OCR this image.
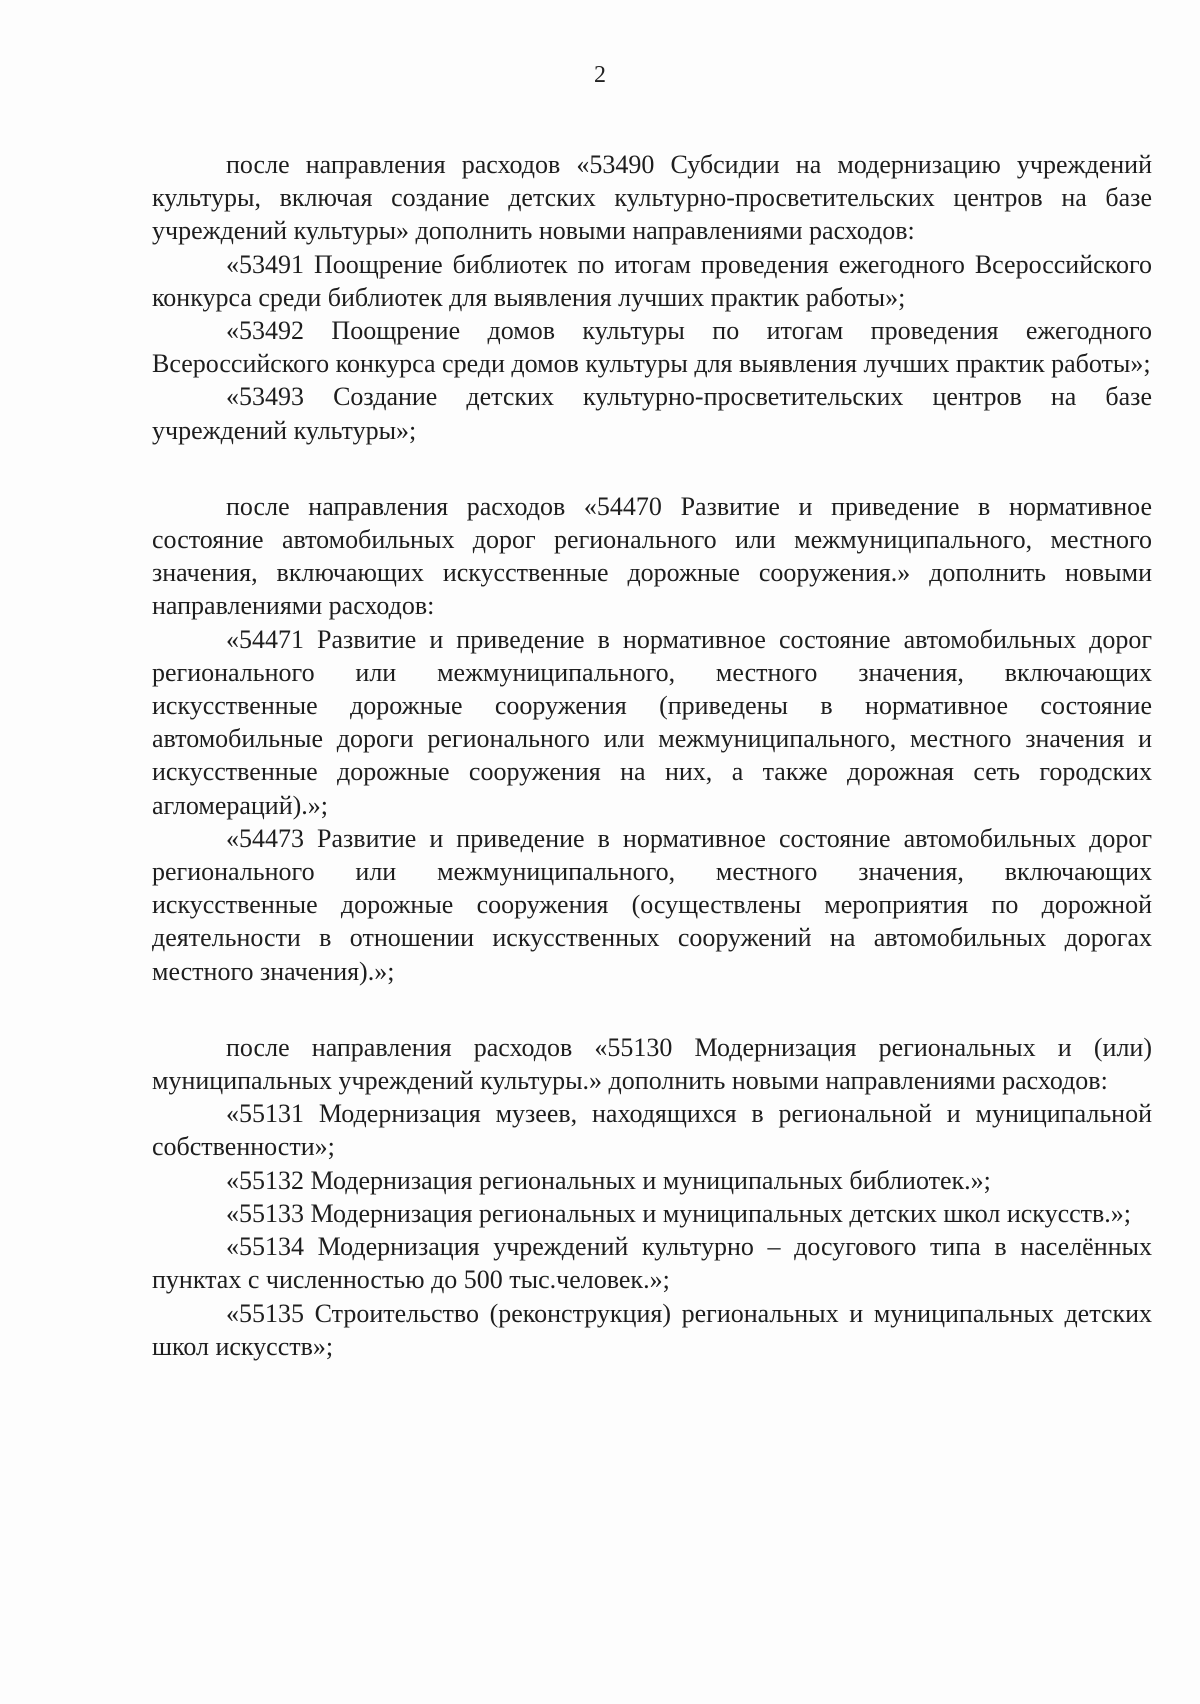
2

после направления расходов «53490 Субсидии на модернизацию учреждений культуры, включая создание детских культурно-просветительских центров на базе учреждений культуры» дополнить новыми направлениями расходов:

«53491 Поощрение библиотек по итогам проведения ежегодного Всероссийского конкурса среди библиотек для выявления лучших практик работы»;

«53492 Поощрение домов культуры по итогам проведения ежегодного Всероссийского конкурса среди домов культуры для выявления лучших практик работы»;

«53493 Создание детских культурно-просветительских центров на базе учреждений культуры»;

после направления расходов «54470 Развитие и приведение в нормативное состояние автомобильных дорог регионального или межмуниципального, местного значения, включающих искусственные дорожные сооружения.» дополнить новыми направлениями расходов:

«54471 Развитие и приведение в нормативное состояние автомобильных дорог регионального или межмуниципального, местного значения, включающих искусственные дорожные сооружения (приведены в нормативное состояние автомобильные дороги регионального или межмуниципального, местного значения и искусственные дорожные сооружения на них, а также дорожная сеть городских агломераций).»;

«54473 Развитие и приведение в нормативное состояние автомобильных дорог регионального или межмуниципального, местного значения, включающих искусственные дорожные сооружения (осуществлены мероприятия по дорожной деятельности в отношении искусственных сооружений на автомобильных дорогах местного значения).»;

после направления расходов «55130 Модернизация региональных и (или) муниципальных учреждений культуры.» дополнить новыми направлениями расходов:

«55131 Модернизация музеев, находящихся в региональной и муниципальной собственности»;

«55132 Модернизация региональных и муниципальных библиотек.»;

«55133 Модернизация региональных и муниципальных детских школ искусств.»;

«55134 Модернизация учреждений культурно – досугового типа в населённых пунктах с численностью до 500 тыс.человек.»;

«55135 Строительство (реконструкция) региональных и муниципальных детских школ искусств»;
